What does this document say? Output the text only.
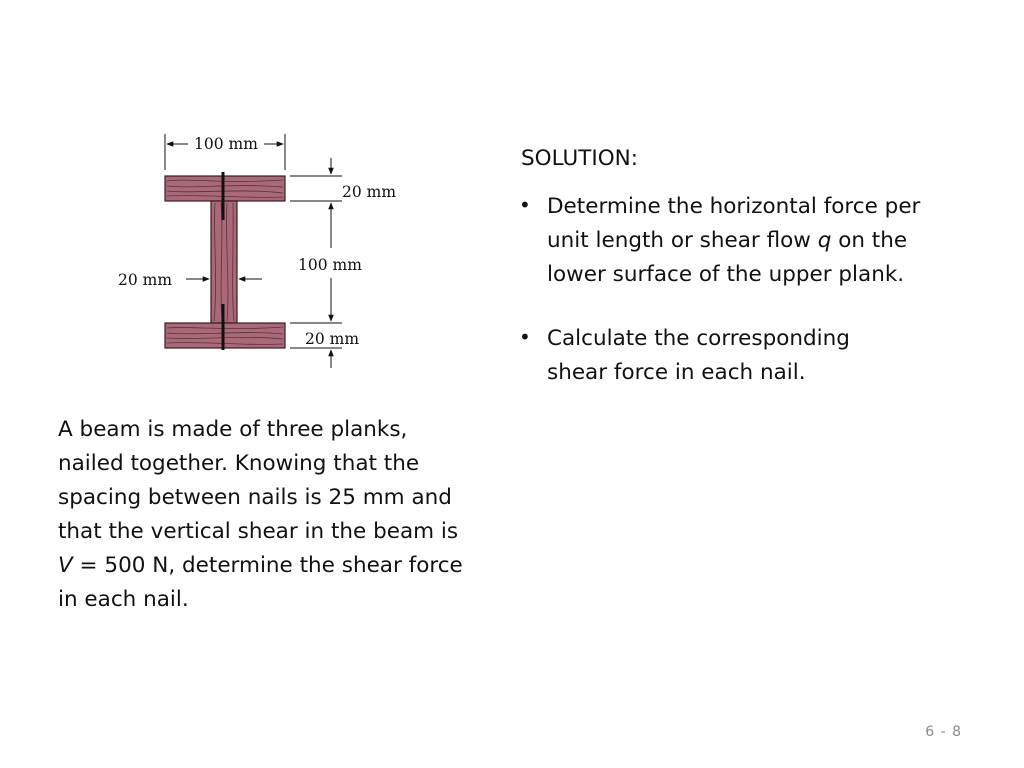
100 mm
20 mm
100 mm
20 mm
20 mm

A beam is made of three planks,

nailed together. Knowing that the

spacing between nails is 25 mm and

that the vertical shear in the beam is

V = 500 N, determine the shear force

in each nail.

SOLUTION:
• Determine the horizontal force per
unit length or shear flow q on the
lower surface of the upper plank.
• Calculate the corresponding
shear force in each nail.
6 - 8
